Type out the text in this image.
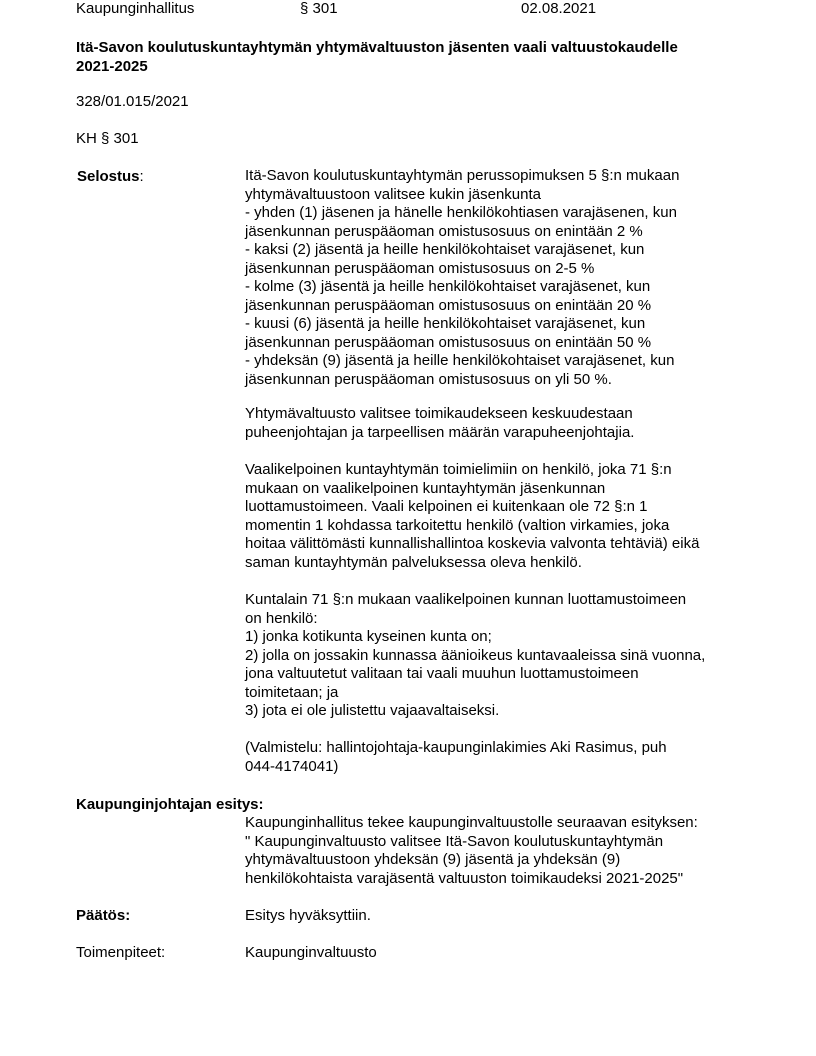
Kaupunginhallitus	§ 301	02.08.2021
Itä-Savon koulutuskuntayhtymän yhtymävaltuuston jäsenten vaali valtuustokaudelle
2021-2025
328/01.015/2021
KH § 301
Selostus:	Itä-Savon koulutuskuntayhtymän perussopimuksen 5 §:n mukaan

yhtymävaltuustoon valitsee kukin jäsenkunta

- yhden (1) jäsenen ja hänelle henkilökohtiasen varajäsenen, kun

jäsenkunnan peruspääoman omistusosuus on enintään 2 %

- kaksi (2) jäsentä ja heille henkilökohtaiset varajäsenet, kun

jäsenkunnan peruspääoman omistusosuus on 2-5 %

- kolme (3) jäsentä ja heille henkilökohtaiset varajäsenet, kun

jäsenkunnan peruspääoman omistusosuus on enintään 20 %

- kuusi (6) jäsentä ja heille henkilökohtaiset varajäsenet, kun

jäsenkunnan peruspääoman omistusosuus on enintään 50 %

- yhdeksän (9) jäsentä ja heille henkilökohtaiset varajäsenet, kun

jäsenkunnan peruspääoman omistusosuus on yli 50 %.

Yhtymävaltuusto valitsee toimikaudekseen keskuudestaan

puheenjohtajan ja tarpeellisen määrän varapuheenjohtajia.

Vaalikelpoinen kuntayhtymän toimielimiin on henkilö, joka 71 §:n

mukaan on vaalikelpoinen kuntayhtymän jäsenkunnan

luottamustoimeen. Vaali kelpoinen ei kuitenkaan ole 72 §:n 1

momentin 1 kohdassa tarkoitettu henkilö (valtion virkamies, joka

hoitaa välittömästi kunnallishallintoa koskevia valvonta tehtäviä) eikä

saman kuntayhtymän palveluksessa oleva henkilö.

Kuntalain 71 §:n mukaan vaalikelpoinen kunnan luottamustoimeen

on henkilö:

1) jonka kotikunta kyseinen kunta on;

2) jolla on jossakin kunnassa äänioikeus kuntavaaleissa sinä vuonna,

jona valtuutetut valitaan tai vaali muuhun luottamustoimeen

toimitetaan; ja

3) jota ei ole julistettu vajaavaltaiseksi.

(Valmistelu: hallintojohtaja-kaupunginlakimies Aki Rasimus, puh

044-4174041)

Kaupunginjohtajan esitys:

Kaupunginhallitus tekee kaupunginvaltuustolle seuraavan esityksen:

" Kaupunginvaltuusto valitsee Itä-Savon koulutuskuntayhtymän

yhtymävaltuustoon yhdeksän (9) jäsentä ja yhdeksän (9)

henkilökohtaista varajäsentä valtuuston toimikaudeksi 2021-2025"

Päätös:	Esitys hyväksyttiin.
Toimenpiteet:	Kaupunginvaltuusto
